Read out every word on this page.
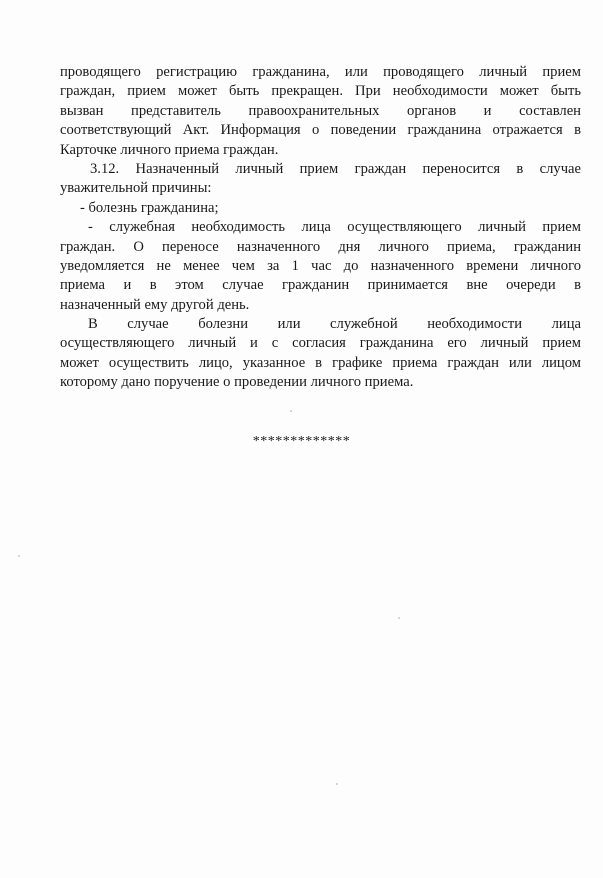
проводящего регистрацию гражданина, или проводящего личный прием
граждан, прием может быть прекращен. При необходимости может быть
вызван представитель правоохранительных органов и составлен
соответствующий Акт. Информация о поведении гражданина отражается в
Карточке личного приема граждан.
3.12. Назначенный личный прием граждан переносится в случае
уважительной причины:
- болезнь гражданина;
- служебная необходимость лица осуществляющего личный прием
граждан. О переносе назначенного дня личного приема, гражданин
уведомляется не менее чем за 1 час до назначенного времени личного
приема и в этом случае гражданин принимается вне очереди в
назначенный ему другой день.
В случае болезни или служебной необходимости лица
осуществляющего личный и с согласия гражданина его личный прием
может осуществить лицо, указанное в графике приема граждан или лицом
которому дано поручение о проведении личного приема.
*************
